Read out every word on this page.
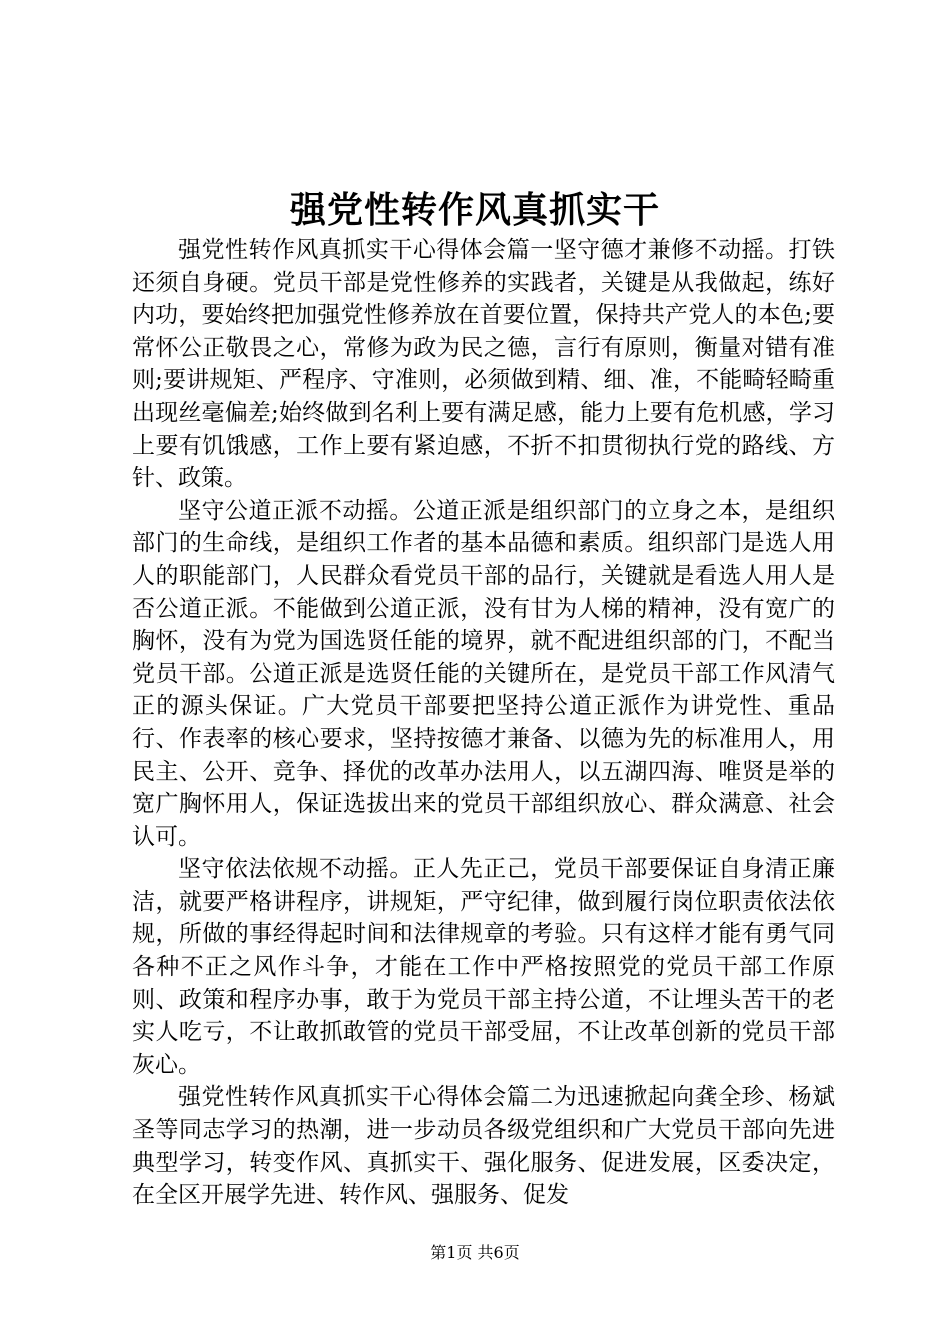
强党性转作风真抓实干

强党性转作风真抓实干心得体会篇一坚守德才兼修不动摇。打铁还须自身硬。党员干部是党性修养的实践者，关键是从我做起，练好内功，要始终把加强党性修养放在首要位置，保持共产党人的本色;要常怀公正敬畏之心，常修为政为民之德，言行有原则，衡量对错有准则;要讲规矩、严程序、守准则，必须做到精、细、准，不能畸轻畸重出现丝毫偏差;始终做到名利上要有满足感，能力上要有危机感，学习上要有饥饿感，工作上要有紧迫感，不折不扣贯彻执行党的路线、方针、政策。

坚守公道正派不动摇。公道正派是组织部门的立身之本，是组织部门的生命线，是组织工作者的基本品德和素质。组织部门是选人用人的职能部门，人民群众看党员干部的品行，关键就是看选人用人是否公道正派。不能做到公道正派，没有甘为人梯的精神，没有宽广的胸怀，没有为党为国选贤任能的境界，就不配进组织部的门，不配当党员干部。公道正派是选贤任能的关键所在，是党员干部工作风清气正的源头保证。广大党员干部要把坚持公道正派作为讲党性、重品行、作表率的核心要求，坚持按德才兼备、以德为先的标准用人，用民主、公开、竞争、择优的改革办法用人，以五湖四海、唯贤是举的宽广胸怀用人，保证选拔出来的党员干部组织放心、群众满意、社会认可。

坚守依法依规不动摇。正人先正己，党员干部要保证自身清正廉洁，就要严格讲程序，讲规矩，严守纪律，做到履行岗位职责依法依规，所做的事经得起时间和法律规章的考验。只有这样才能有勇气同各种不正之风作斗争，才能在工作中严格按照党的党员干部工作原则、政策和程序办事，敢于为党员干部主持公道，不让埋头苦干的老实人吃亏，不让敢抓敢管的党员干部受屈，不让改革创新的党员干部灰心。

强党性转作风真抓实干心得体会篇二为迅速掀起向龚全珍、杨斌圣等同志学习的热潮，进一步动员各级党组织和广大党员干部向先进典型学习，转变作风、真抓实干、强化服务、促进发展，区委决定，在全区开展学先进、转作风、强服务、促发

第1页 共6页
